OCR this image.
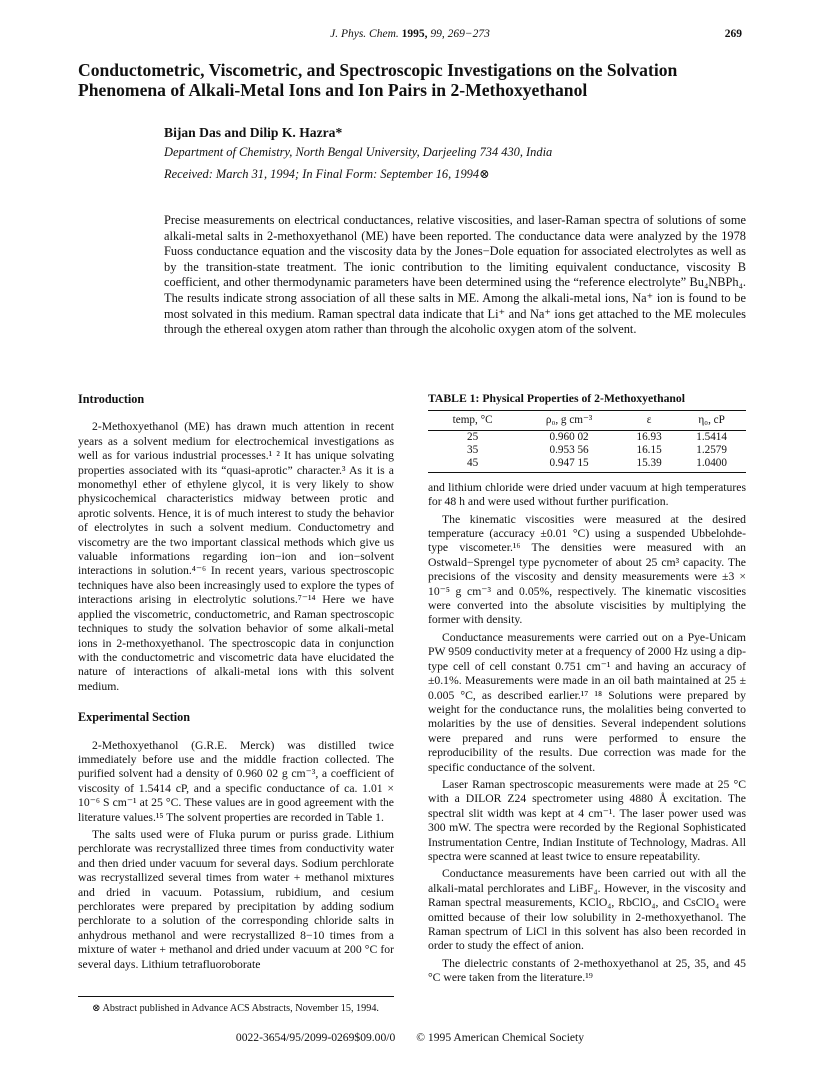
J. Phys. Chem. 1995, 99, 269−273	269
Conductometric, Viscometric, and Spectroscopic Investigations on the Solvation Phenomena of Alkali-Metal Ions and Ion Pairs in 2-Methoxyethanol
Bijan Das and Dilip K. Hazra*
Department of Chemistry, North Bengal University, Darjeeling 734 430, India
Received: March 31, 1994; In Final Form: September 16, 1994⊗

Precise measurements on electrical conductances, relative viscosities, and laser-Raman spectra of solutions of some alkali-metal salts in 2-methoxyethanol (ME) have been reported. The conductance data were analyzed by the 1978 Fuoss conductance equation and the viscosity data by the Jones−Dole equation for associated electrolytes as well as by the transition-state treatment. The ionic contribution to the limiting equivalent conductance, viscosity B coefficient, and other thermodynamic parameters have been determined using the “reference electrolyte” Bu₄NBPh₄. The results indicate strong association of all these salts in ME. Among the alkali-metal ions, Na⁺ ion is found to be most solvated in this medium. Raman spectral data indicate that Li⁺ and Na⁺ ions get attached to the ME molecules through the ethereal oxygen atom rather than through the alcoholic oxygen atom of the solvent.

Introduction

2-Methoxyethanol (ME) has drawn much attention in recent years as a solvent medium for electrochemical investigations as well as for various industrial processes.¹ ² It has unique solvating properties associated with its “quasi-aprotic” character.³ As it is a monomethyl ether of ethylene glycol, it is very likely to show physicochemical characteristics midway between protic and aprotic solvents. Hence, it is of much interest to study the behavior of electrolytes in such a solvent medium. Conductometry and viscometry are the two important classical methods which give us valuable informations regarding ion−ion and ion−solvent interactions in solution.⁴⁻⁶ In recent years, various spectroscopic techniques have also been increasingly used to explore the types of interactions arising in electrolytic solutions.⁷⁻¹⁴ Here we have applied the viscometric, conductometric, and Raman spectroscopic techniques to study the solvation behavior of some alkali-metal ions in 2-methoxyethanol. The spectroscopic data in conjunction with the conductometric and viscometric data have elucidated the nature of interactions of alkali-metal ions with this solvent medium.

Experimental Section

2-Methoxyethanol (G.R.E. Merck) was distilled twice immediately before use and the middle fraction collected. The purified solvent had a density of 0.960 02 g cm⁻³, a coefficient of viscosity of 1.5414 cP, and a specific conductance of ca. 1.01 × 10⁻⁶ S cm⁻¹ at 25 °C. These values are in good agreement with the literature values.¹⁵ The solvent properties are recorded in Table 1.

The salts used were of Fluka purum or puriss grade. Lithium perchlorate was recrystallized three times from conductivity water and then dried under vacuum for several days. Sodium perchlorate was recrystallized several times from water + methanol mixtures and dried in vacuum. Potassium, rubidium, and cesium perchlorates were prepared by precipitation by adding sodium perchlorate to a solution of the corresponding chloride salts in anhydrous methanol and were recrystallized 8−10 times from a mixture of water + methanol and dried under vacuum at 200 °C for several days. Lithium tetrafluoroborate

TABLE 1: Physical Properties of 2-Methoxyethanol
temp, °C	ρ₀, g cm⁻³	ε	η₀, cP
25	0.960 02	16.93	1.5414
35	0.953 56	16.15	1.2579
45	0.947 15	15.39	1.0400

and lithium chloride were dried under vacuum at high temperatures for 48 h and were used without further purification.

The kinematic viscosities were measured at the desired temperature (accuracy ±0.01 °C) using a suspended Ubbelohde-type viscometer.¹⁶ The densities were measured with an Ostwald−Sprengel type pycnometer of about 25 cm³ capacity. The precisions of the viscosity and density measurements were ±3 × 10⁻⁵ g cm⁻³ and 0.05%, respectively. The kinematic viscosities were converted into the absolute viscisities by multiplying the former with density.

Conductance measurements were carried out on a Pye-Unicam PW 9509 conductivity meter at a frequency of 2000 Hz using a dip-type cell of cell constant 0.751 cm⁻¹ and having an accuracy of ±0.1%. Measurements were made in an oil bath maintained at 25 ± 0.005 °C, as described earlier.¹⁷ ¹⁸ Solutions were prepared by weight for the conductance runs, the molalities being converted to molarities by the use of densities. Several independent solutions were prepared and runs were performed to ensure the reproducibility of the results. Due correction was made for the specific conductance of the solvent.

Laser Raman spectroscopic measurements were made at 25 °C with a DILOR Z24 spectrometer using 4880 Å excitation. The spectral slit width was kept at 4 cm⁻¹. The laser power used was 300 mW. The spectra were recorded by the Regional Sophisticated Instrumentation Centre, Indian Institute of Technology, Madras. All spectra were scanned at least twice to ensure repeatability.

Conductance measurements have been carried out with all the alkali-matal perchlorates and LiBF₄. However, in the viscosity and Raman spectral measurements, KClO₄, RbClO₄, and CsClO₄ were omitted because of their low solubility in 2-methoxyethanol. The Raman spectrum of LiCl in this solvent has also been recorded in order to study the effect of anion.

The dielectric constants of 2-methoxyethanol at 25, 35, and 45 °C were taken from the literature.¹⁹

⊗ Abstract published in Advance ACS Abstracts, November 15, 1994.
0022-3654/95/2099-0269$09.00/0 © 1995 American Chemical Society
